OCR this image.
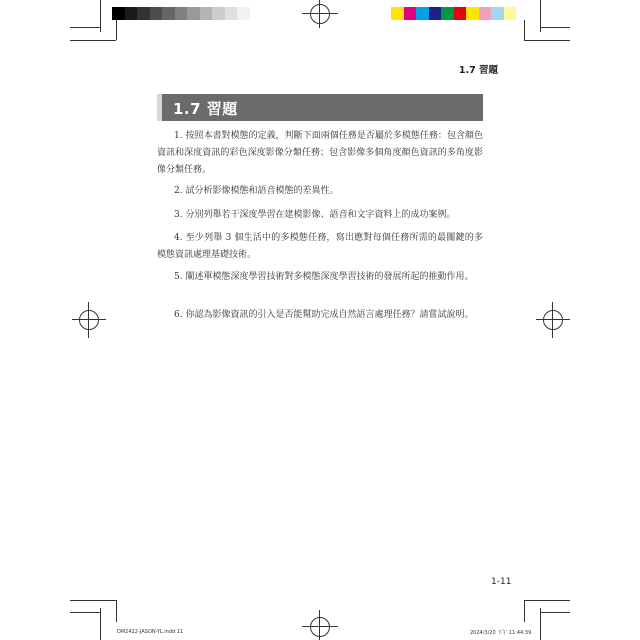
1.7 習題
1.7 習題
1. 按照本書對模態的定義，判斷下面兩個任務是否屬於多模態任務：包含顏色資訊和深度資訊的彩色深度影像分類任務；包含影像多個角度顏色資訊的多角度影像分類任務。
2. 試分析影像模態和語音模態的差異性。
3. 分別列舉若干深度學習在建模影像、語音和文字資料上的成功案例。
4. 至少列舉 3 個生活中的多模態任務，寫出應對每個任務所需的最關鍵的多模態資訊處理基礎技術。
5. 闡述單模態深度學習技術對多模態深度學習技術的發展所起的推動作用。
6. 你認為影像資訊的引入是否能幫助完成自然語言處理任務？請嘗試說明。
1-11
DM2422-JASON-YL.indd 11	2024/3/20 下午 11:44:39
